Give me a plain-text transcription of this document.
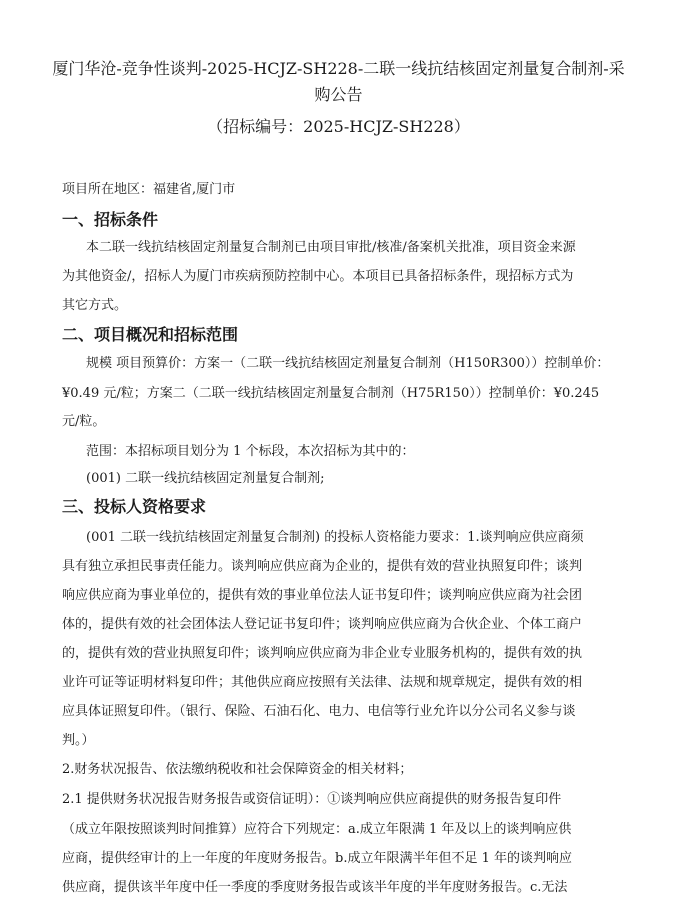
厦门华沧-竞争性谈判-2025-HCJZ-SH228-二联一线抗结核固定剂量复合制剂-采
购公告
（招标编号：2025-HCJZ-SH228）
项目所在地区：福建省,厦门市
一、招标条件
本二联一线抗结核固定剂量复合制剂已由项目审批/核准/备案机关批准，项目资金来源
为其他资金/，招标人为厦门市疾病预防控制中心。本项目已具备招标条件，现招标方式为
其它方式。
二、项目概况和招标范围
规模 项目预算价：方案一（二联一线抗结核固定剂量复合制剂（H150R300））控制单价：
¥0.49 元/粒；方案二（二联一线抗结核固定剂量复合制剂（H75R150））控制单价：¥0.245
元/粒。
范围：本招标项目划分为 1 个标段，本次招标为其中的：
(001) 二联一线抗结核固定剂量复合制剂;
三、投标人资格要求
(001 二联一线抗结核固定剂量复合制剂) 的投标人资格能力要求：1.谈判响应供应商须
具有独立承担民事责任能力。谈判响应供应商为企业的，提供有效的营业执照复印件；谈判
响应供应商为事业单位的，提供有效的事业单位法人证书复印件；谈判响应供应商为社会团
体的，提供有效的社会团体法人登记证书复印件；谈判响应供应商为合伙企业、个体工商户
的，提供有效的营业执照复印件；谈判响应供应商为非企业专业服务机构的，提供有效的执
业许可证等证明材料复印件；其他供应商应按照有关法律、法规和规章规定，提供有效的相
应具体证照复印件。（银行、保险、石油石化、电力、电信等行业允许以分公司名义参与谈
判。）
2.财务状况报告、依法缴纳税收和社会保障资金的相关材料；
2.1 提供财务状况报告财务报告或资信证明）：①谈判响应供应商提供的财务报告复印件
（成立年限按照谈判时间推算）应符合下列规定：a.成立年限满 1 年及以上的谈判响应供
应商，提供经审计的上一年度的年度财务报告。b.成立年限满半年但不足 1 年的谈判响应
供应商，提供该半年度中任一季度的季度财务报告或该半年度的半年度财务报告。c.无法
